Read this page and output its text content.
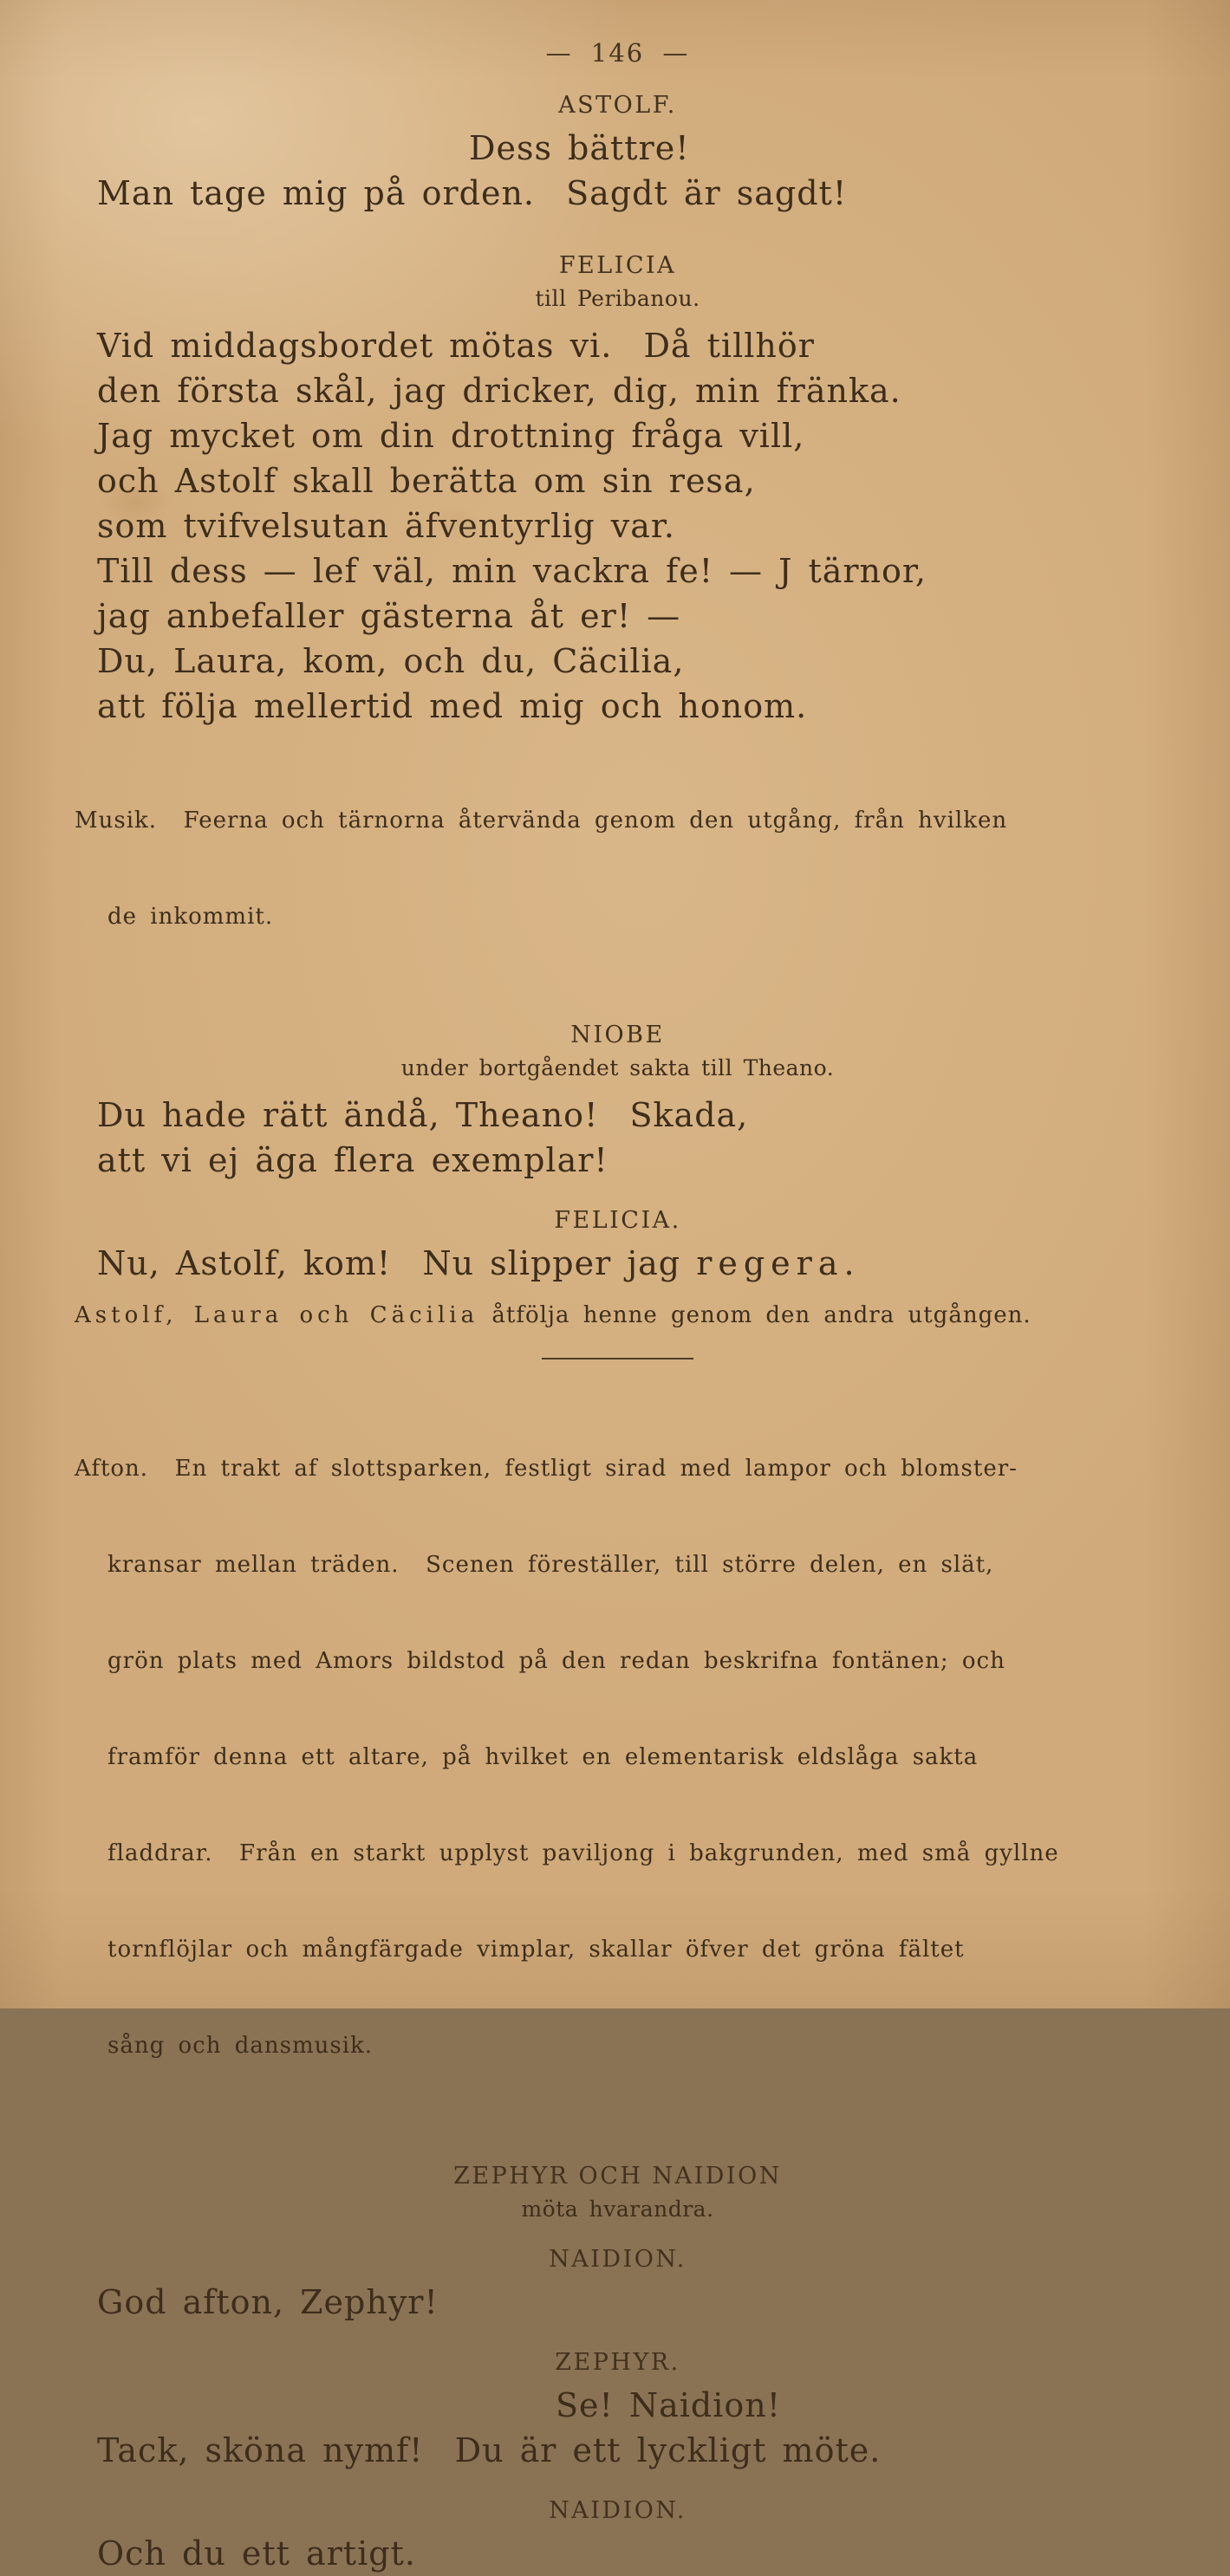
— 146 —
ASTOLF.
Dess bättre!
Man tage mig på orden.  Sagdt är sagdt!
FELICIA
till Peribanou.
Vid middagsbordet mötas vi.  Då tillhör
den första skål, jag dricker, dig, min fränka.
Jag mycket om din drottning fråga vill,
och Astolf skall berätta om sin resa,
som tvifvelsutan äfventyrlig var.
Till dess — lef väl, min vackra fe! — J tärnor,
jag anbefaller gästerna åt er! —
Du, Laura, kom, och du, Cäcilia,
att följa mellertid med mig och honom.

Musik.  Feerna och tärnorna återvända genom den utgång, från hvilken

de inkommit.

NIOBE
under bortgåendet sakta till Theano.
Du hade rätt ändå, Theano!  Skada,
att vi ej äga flera exemplar!
FELICIA.
Nu, Astolf, kom!  Nu slipper jag regera.

Astolf, Laura och Cäcilia åtfölja henne genom den andra utgången.

Afton.  En trakt af slottsparken, festligt sirad med lampor och blomster-

kransar mellan träden.  Scenen föreställer, till större delen, en slät,

grön plats med Amors bildstod på den redan beskrifna fontänen; och

framför denna ett altare, på hvilket en elementarisk eldslåga sakta

fladdrar.  Från en starkt upplyst paviljong i bakgrunden, med små gyllne

tornflöjlar och mångfärgade vimplar, skallar öfver det gröna fältet

sång och dansmusik.

ZEPHYR OCH NAIDION
möta hvarandra.
NAIDION.
God afton, Zephyr!
ZEPHYR.
Se! Naidion!
Tack, sköna nymf!  Du är ett lyckligt möte.
NAIDION.
Och du ett artigt.
